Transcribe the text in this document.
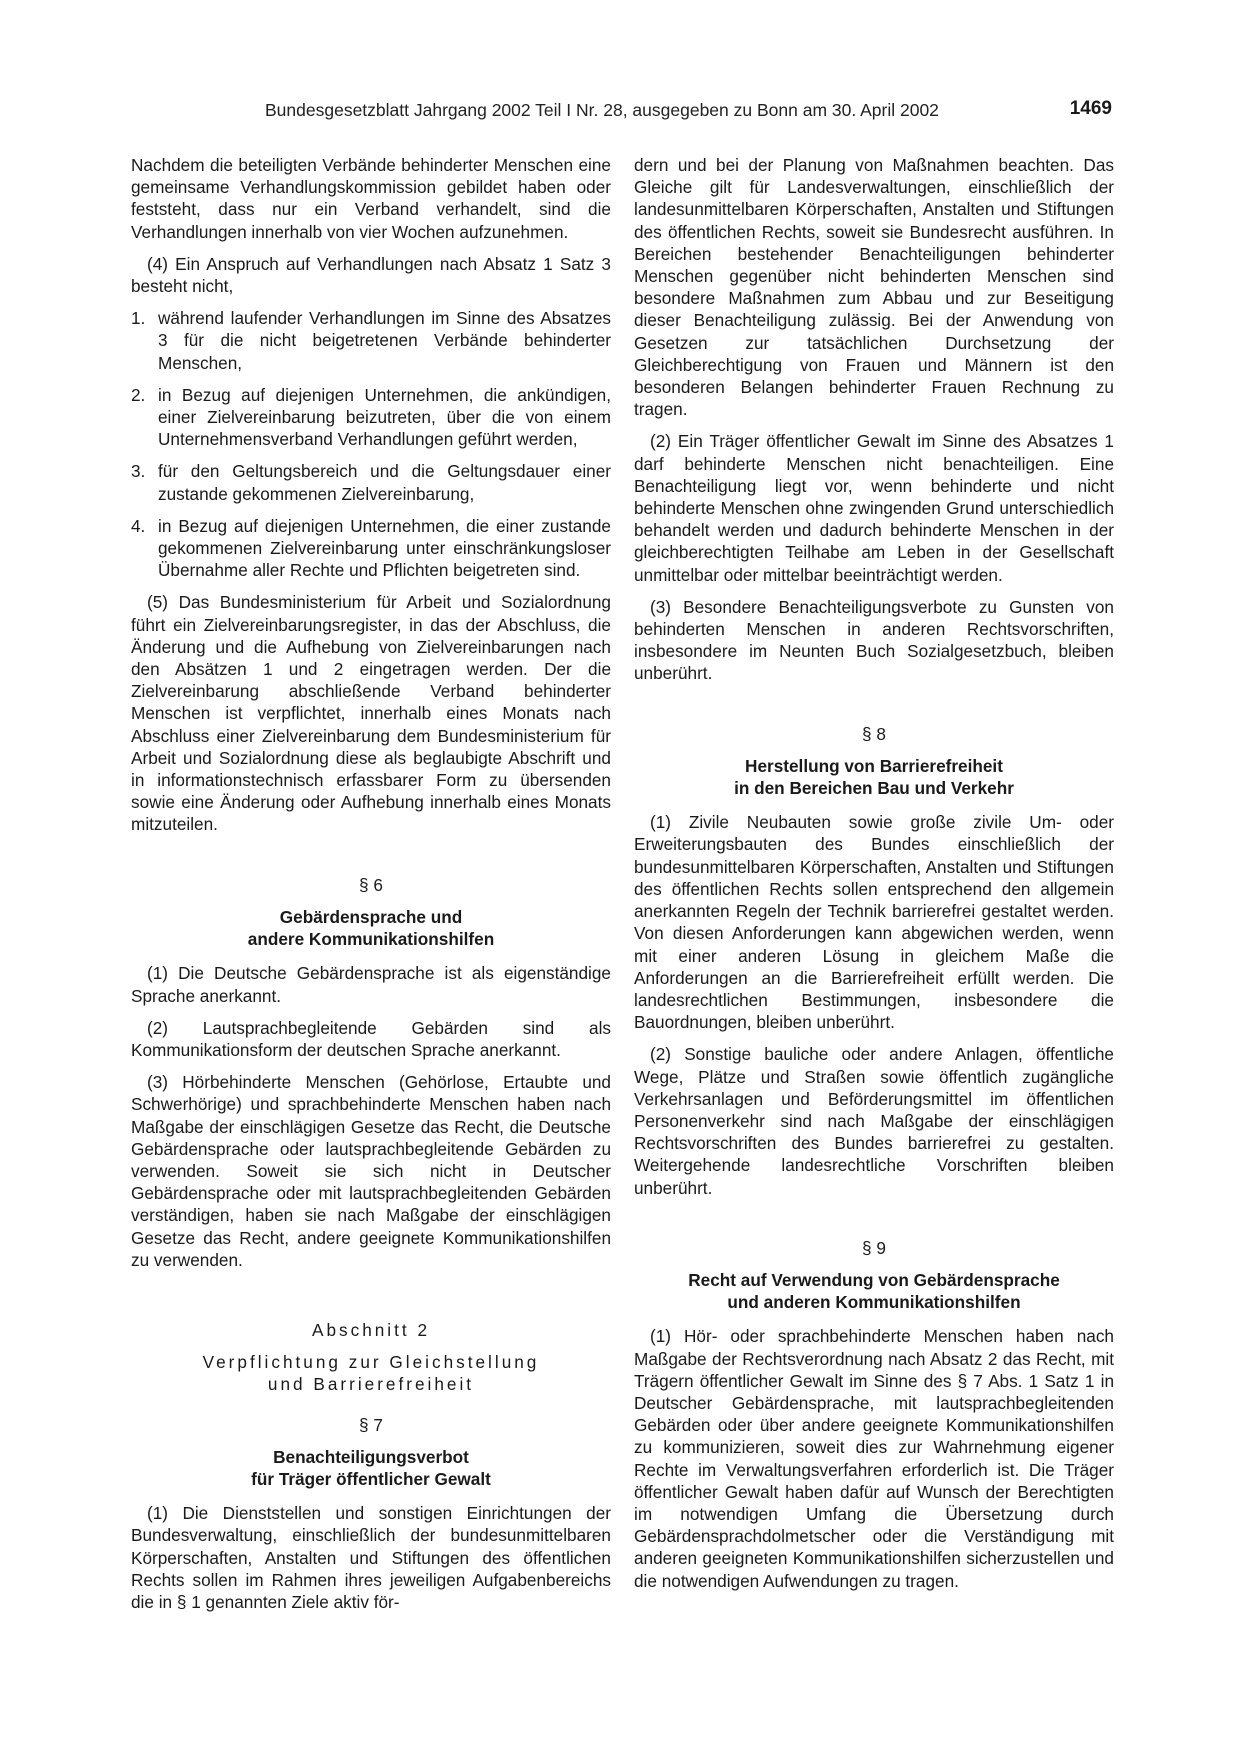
Bundesgesetzblatt Jahrgang 2002 Teil I Nr. 28, ausgegeben zu Bonn am 30. April 2002	1469

Nachdem die beteiligten Verbände behinderter Menschen eine gemeinsame Verhandlungskommission gebildet haben oder feststeht, dass nur ein Verband verhandelt, sind die Verhandlungen innerhalb von vier Wochen aufzunehmen.

(4) Ein Anspruch auf Verhandlungen nach Absatz 1 Satz 3 besteht nicht,

1. während laufender Verhandlungen im Sinne des Absatzes 3 für die nicht beigetretenen Verbände behinderter Menschen,
2. in Bezug auf diejenigen Unternehmen, die ankündigen, einer Zielvereinbarung beizutreten, über die von einem Unternehmensverband Verhandlungen geführt werden,
3. für den Geltungsbereich und die Geltungsdauer einer zustande gekommenen Zielvereinbarung,
4. in Bezug auf diejenigen Unternehmen, die einer zustande gekommenen Zielvereinbarung unter einschränkungsloser Übernahme aller Rechte und Pflichten beigetreten sind.

(5) Das Bundesministerium für Arbeit und Sozialordnung führt ein Zielvereinbarungsregister, in das der Abschluss, die Änderung und die Aufhebung von Zielvereinbarungen nach den Absätzen 1 und 2 eingetragen werden. Der die Zielvereinbarung abschließende Verband behinderter Menschen ist verpflichtet, innerhalb eines Monats nach Abschluss einer Zielvereinbarung dem Bundesministerium für Arbeit und Sozialordnung diese als beglaubigte Abschrift und in informationstechnisch erfassbarer Form zu übersenden sowie eine Änderung oder Aufhebung innerhalb eines Monats mitzuteilen.

§ 6

Gebärdensprache und

andere Kommunikationshilfen

(1) Die Deutsche Gebärdensprache ist als eigenständige Sprache anerkannt.

(2) Lautsprachbegleitende Gebärden sind als Kommunikationsform der deutschen Sprache anerkannt.

(3) Hörbehinderte Menschen (Gehörlose, Ertaubte und Schwerhörige) und sprachbehinderte Menschen haben nach Maßgabe der einschlägigen Gesetze das Recht, die Deutsche Gebärdensprache oder lautsprachbegleitende Gebärden zu verwenden. Soweit sie sich nicht in Deutscher Gebärdensprache oder mit lautsprachbegleitenden Gebärden verständigen, haben sie nach Maßgabe der einschlägigen Gesetze das Recht, andere geeignete Kommunikationshilfen zu verwenden.

Abschnitt 2

Verpflichtung zur Gleichstellung

und Barrierefreiheit

§ 7

Benachteiligungsverbot

für Träger öffentlicher Gewalt

(1) Die Dienststellen und sonstigen Einrichtungen der Bundesverwaltung, einschließlich der bundesunmittelbaren Körperschaften, Anstalten und Stiftungen des öffentlichen Rechts sollen im Rahmen ihres jeweiligen Aufgabenbereichs die in § 1 genannten Ziele aktiv för-

dern und bei der Planung von Maßnahmen beachten. Das Gleiche gilt für Landesverwaltungen, einschließlich der landesunmittelbaren Körperschaften, Anstalten und Stiftungen des öffentlichen Rechts, soweit sie Bundesrecht ausführen. In Bereichen bestehender Benachteiligungen behinderter Menschen gegenüber nicht behinderten Menschen sind besondere Maßnahmen zum Abbau und zur Beseitigung dieser Benachteiligung zulässig. Bei der Anwendung von Gesetzen zur tatsächlichen Durchsetzung der Gleichberechtigung von Frauen und Männern ist den besonderen Belangen behinderter Frauen Rechnung zu tragen.

(2) Ein Träger öffentlicher Gewalt im Sinne des Absatzes 1 darf behinderte Menschen nicht benachteiligen. Eine Benachteiligung liegt vor, wenn behinderte und nicht behinderte Menschen ohne zwingenden Grund unterschiedlich behandelt werden und dadurch behinderte Menschen in der gleichberechtigten Teilhabe am Leben in der Gesellschaft unmittelbar oder mittelbar beeinträchtigt werden.

(3) Besondere Benachteiligungsverbote zu Gunsten von behinderten Menschen in anderen Rechtsvorschriften, insbesondere im Neunten Buch Sozialgesetzbuch, bleiben unberührt.

§ 8

Herstellung von Barrierefreiheit

in den Bereichen Bau und Verkehr

(1) Zivile Neubauten sowie große zivile Um- oder Erweiterungsbauten des Bundes einschließlich der bundesunmittelbaren Körperschaften, Anstalten und Stiftungen des öffentlichen Rechts sollen entsprechend den allgemein anerkannten Regeln der Technik barrierefrei gestaltet werden. Von diesen Anforderungen kann abgewichen werden, wenn mit einer anderen Lösung in gleichem Maße die Anforderungen an die Barrierefreiheit erfüllt werden. Die landesrechtlichen Bestimmungen, insbesondere die Bauordnungen, bleiben unberührt.

(2) Sonstige bauliche oder andere Anlagen, öffentliche Wege, Plätze und Straßen sowie öffentlich zugängliche Verkehrsanlagen und Beförderungsmittel im öffentlichen Personenverkehr sind nach Maßgabe der einschlägigen Rechtsvorschriften des Bundes barrierefrei zu gestalten. Weitergehende landesrechtliche Vorschriften bleiben unberührt.

§ 9

Recht auf Verwendung von Gebärdensprache

und anderen Kommunikationshilfen

(1) Hör- oder sprachbehinderte Menschen haben nach Maßgabe der Rechtsverordnung nach Absatz 2 das Recht, mit Trägern öffentlicher Gewalt im Sinne des § 7 Abs. 1 Satz 1 in Deutscher Gebärdensprache, mit lautsprachbegleitenden Gebärden oder über andere geeignete Kommunikationshilfen zu kommunizieren, soweit dies zur Wahrnehmung eigener Rechte im Verwaltungsverfahren erforderlich ist. Die Träger öffentlicher Gewalt haben dafür auf Wunsch der Berechtigten im notwendigen Umfang die Übersetzung durch Gebärdensprachdolmetscher oder die Verständigung mit anderen geeigneten Kommunikationshilfen sicherzustellen und die notwendigen Aufwendungen zu tragen.
